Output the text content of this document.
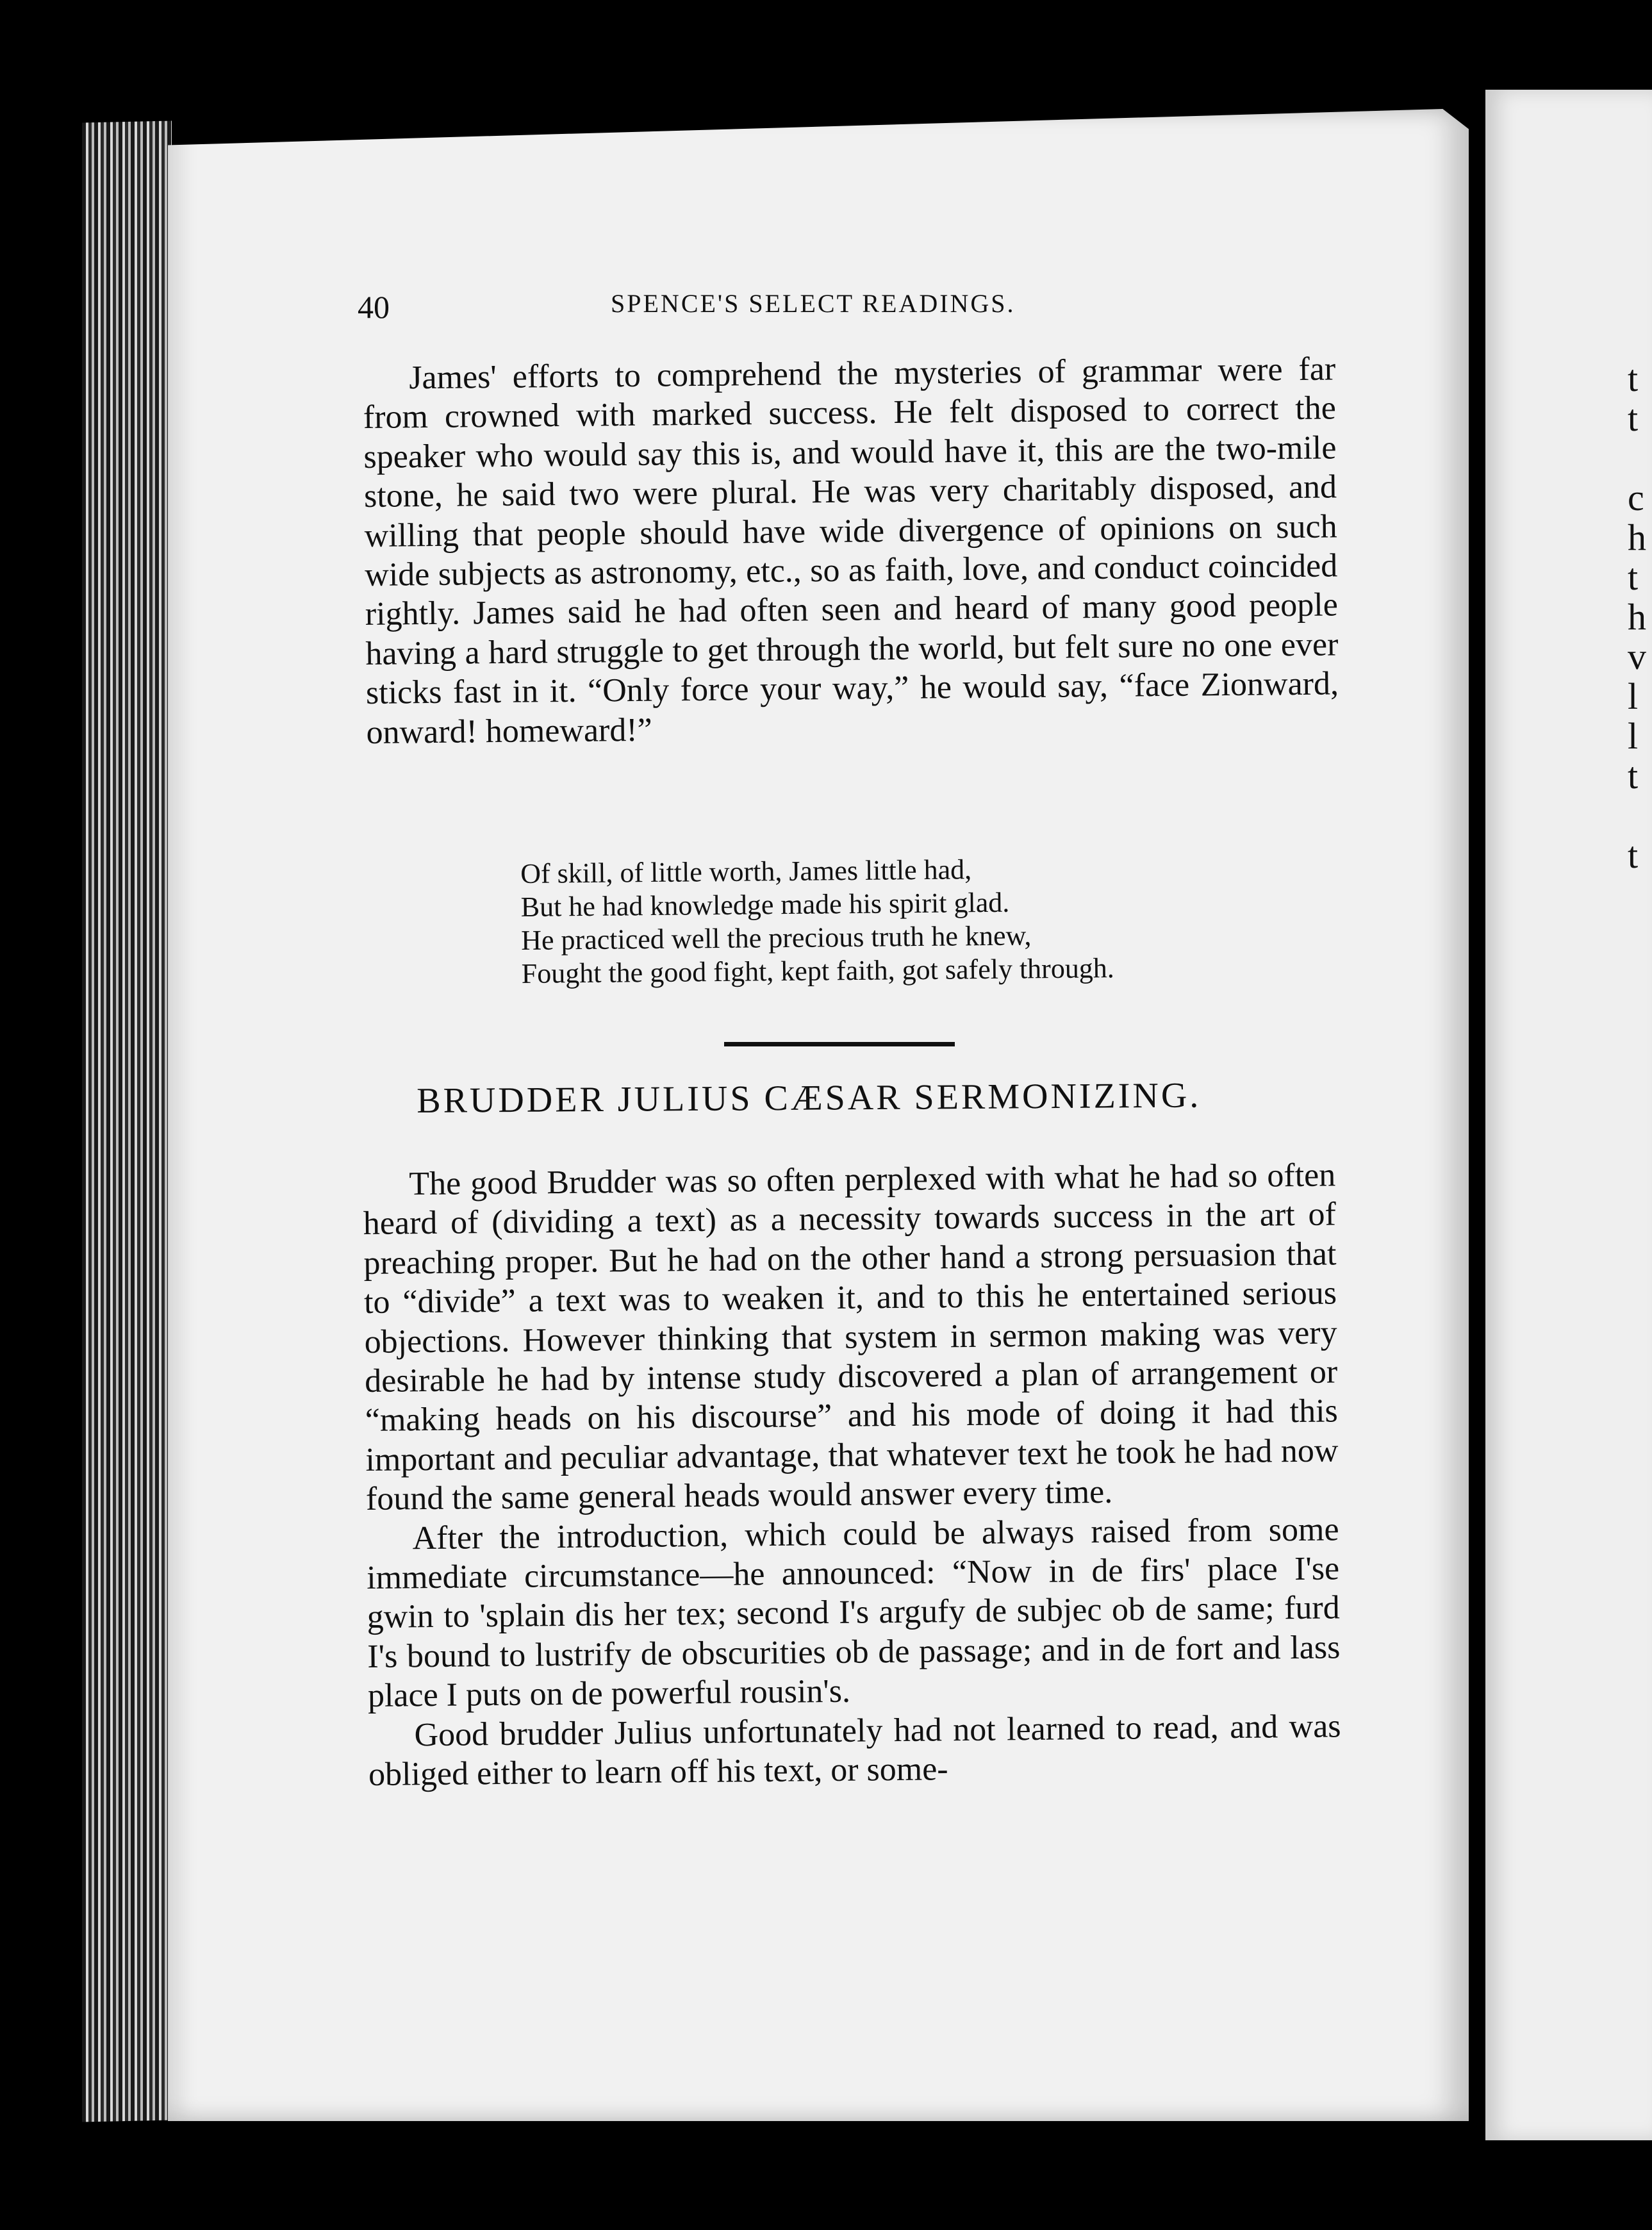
t
t
c
h
t
h
v
l
l
t
t
40	SPENCE'S SELECT READINGS.

James' efforts to comprehend the mysteries of grammar were far from crowned with marked success. He felt disposed to correct the speaker who would say this is, and would have it, this are the two-mile stone, he said two were plural. He was very charitably disposed, and willing that people should have wide divergence of opinions on such wide subjects as astronomy, etc., so as faith, love, and conduct coincided rightly. James said he had often seen and heard of many good people having a hard struggle to get through the world, but felt sure no one ever sticks fast in it. “Only force your way,” he would say, “face Zionward, onward! homeward!”

Of skill, of little worth, James little had,
But he had knowledge made his spirit glad.
He practiced well the precious truth he knew,
Fought the good fight, kept faith, got safely through.
BRUDDER JULIUS CÆSAR SERMONIZING.

The good Brudder was so often perplexed with what he had so often heard of (dividing a text) as a necessity towards success in the art of preaching proper. But he had on the other hand a strong persuasion that to “divide” a text was to weaken it, and to this he entertained serious objections. However thinking that system in sermon making was very desirable he had by intense study discovered a plan of arrangement or “making heads on his discourse” and his mode of doing it had this important and peculiar advantage, that whatever text he took he had now found the same general heads would answer every time.

After the introduction, which could be always raised from some immediate circumstance—he announced: “Now in de firs' place I'se gwin to 'splain dis her tex; second I's argufy de subjec ob de same; furd I's bound to lustrify de obscurities ob de passage; and in de fort and lass place I puts on de powerful rousin's.

Good brudder Julius unfortunately had not learned to read, and was obliged either to learn off his text, or some-
